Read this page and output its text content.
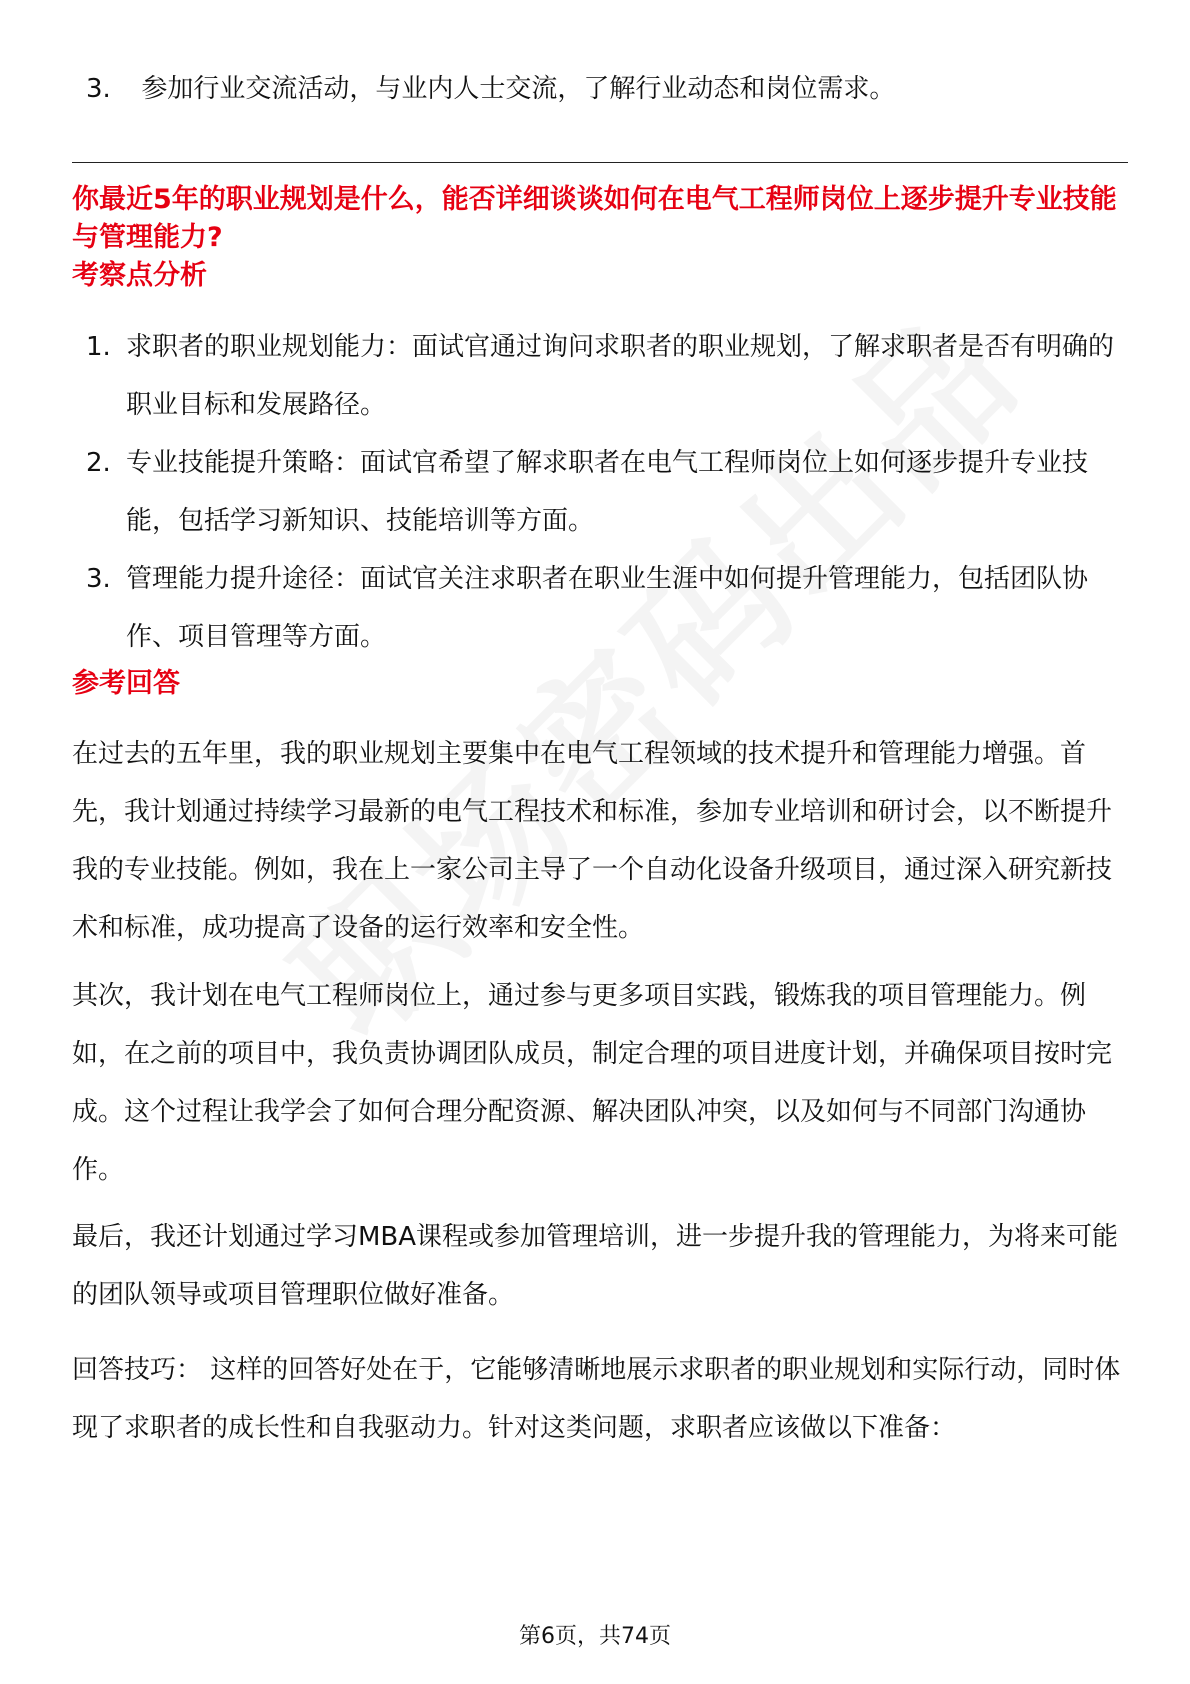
3. 参加行业交流活动，与业内人士交流，了解行业动态和岗位需求。
你最近5年的职业规划是什么，能否详细谈谈如何在电气工程师岗位上逐步提升专业技能与管理能力?
考察点分析
1. 求职者的职业规划能力：面试官通过询问求职者的职业规划，了解求职者是否有明确的职业目标和发展路径。
2. 专业技能提升策略：面试官希望了解求职者在电气工程师岗位上如何逐步提升专业技能，包括学习新知识、技能培训等方面。
3. 管理能力提升途径：面试官关注求职者在职业生涯中如何提升管理能力，包括团队协作、项目管理等方面。
参考回答

在过去的五年里，我的职业规划主要集中在电气工程领域的技术提升和管理能力增强。首先，我计划通过持续学习最新的电气工程技术和标准，参加专业培训和研讨会，以不断提升我的专业技能。例如，我在上一家公司主导了一个自动化设备升级项目，通过深入研究新技术和标准，成功提高了设备的运行效率和安全性。

其次，我计划在电气工程师岗位上，通过参与更多项目实践，锻炼我的项目管理能力。例如，在之前的项目中，我负责协调团队成员，制定合理的项目进度计划，并确保项目按时完成。这个过程让我学会了如何合理分配资源、解决团队冲突，以及如何与不同部门沟通协作。

最后，我还计划通过学习MBA课程或参加管理培训，进一步提升我的管理能力，为将来可能的团队领导或项目管理职位做好准备。

回答技巧： 这样的回答好处在于，它能够清晰地展示求职者的职业规划和实际行动，同时体现了求职者的成长性和自我驱动力。针对这类问题，求职者应该做以下准备：

第6页，共74页
